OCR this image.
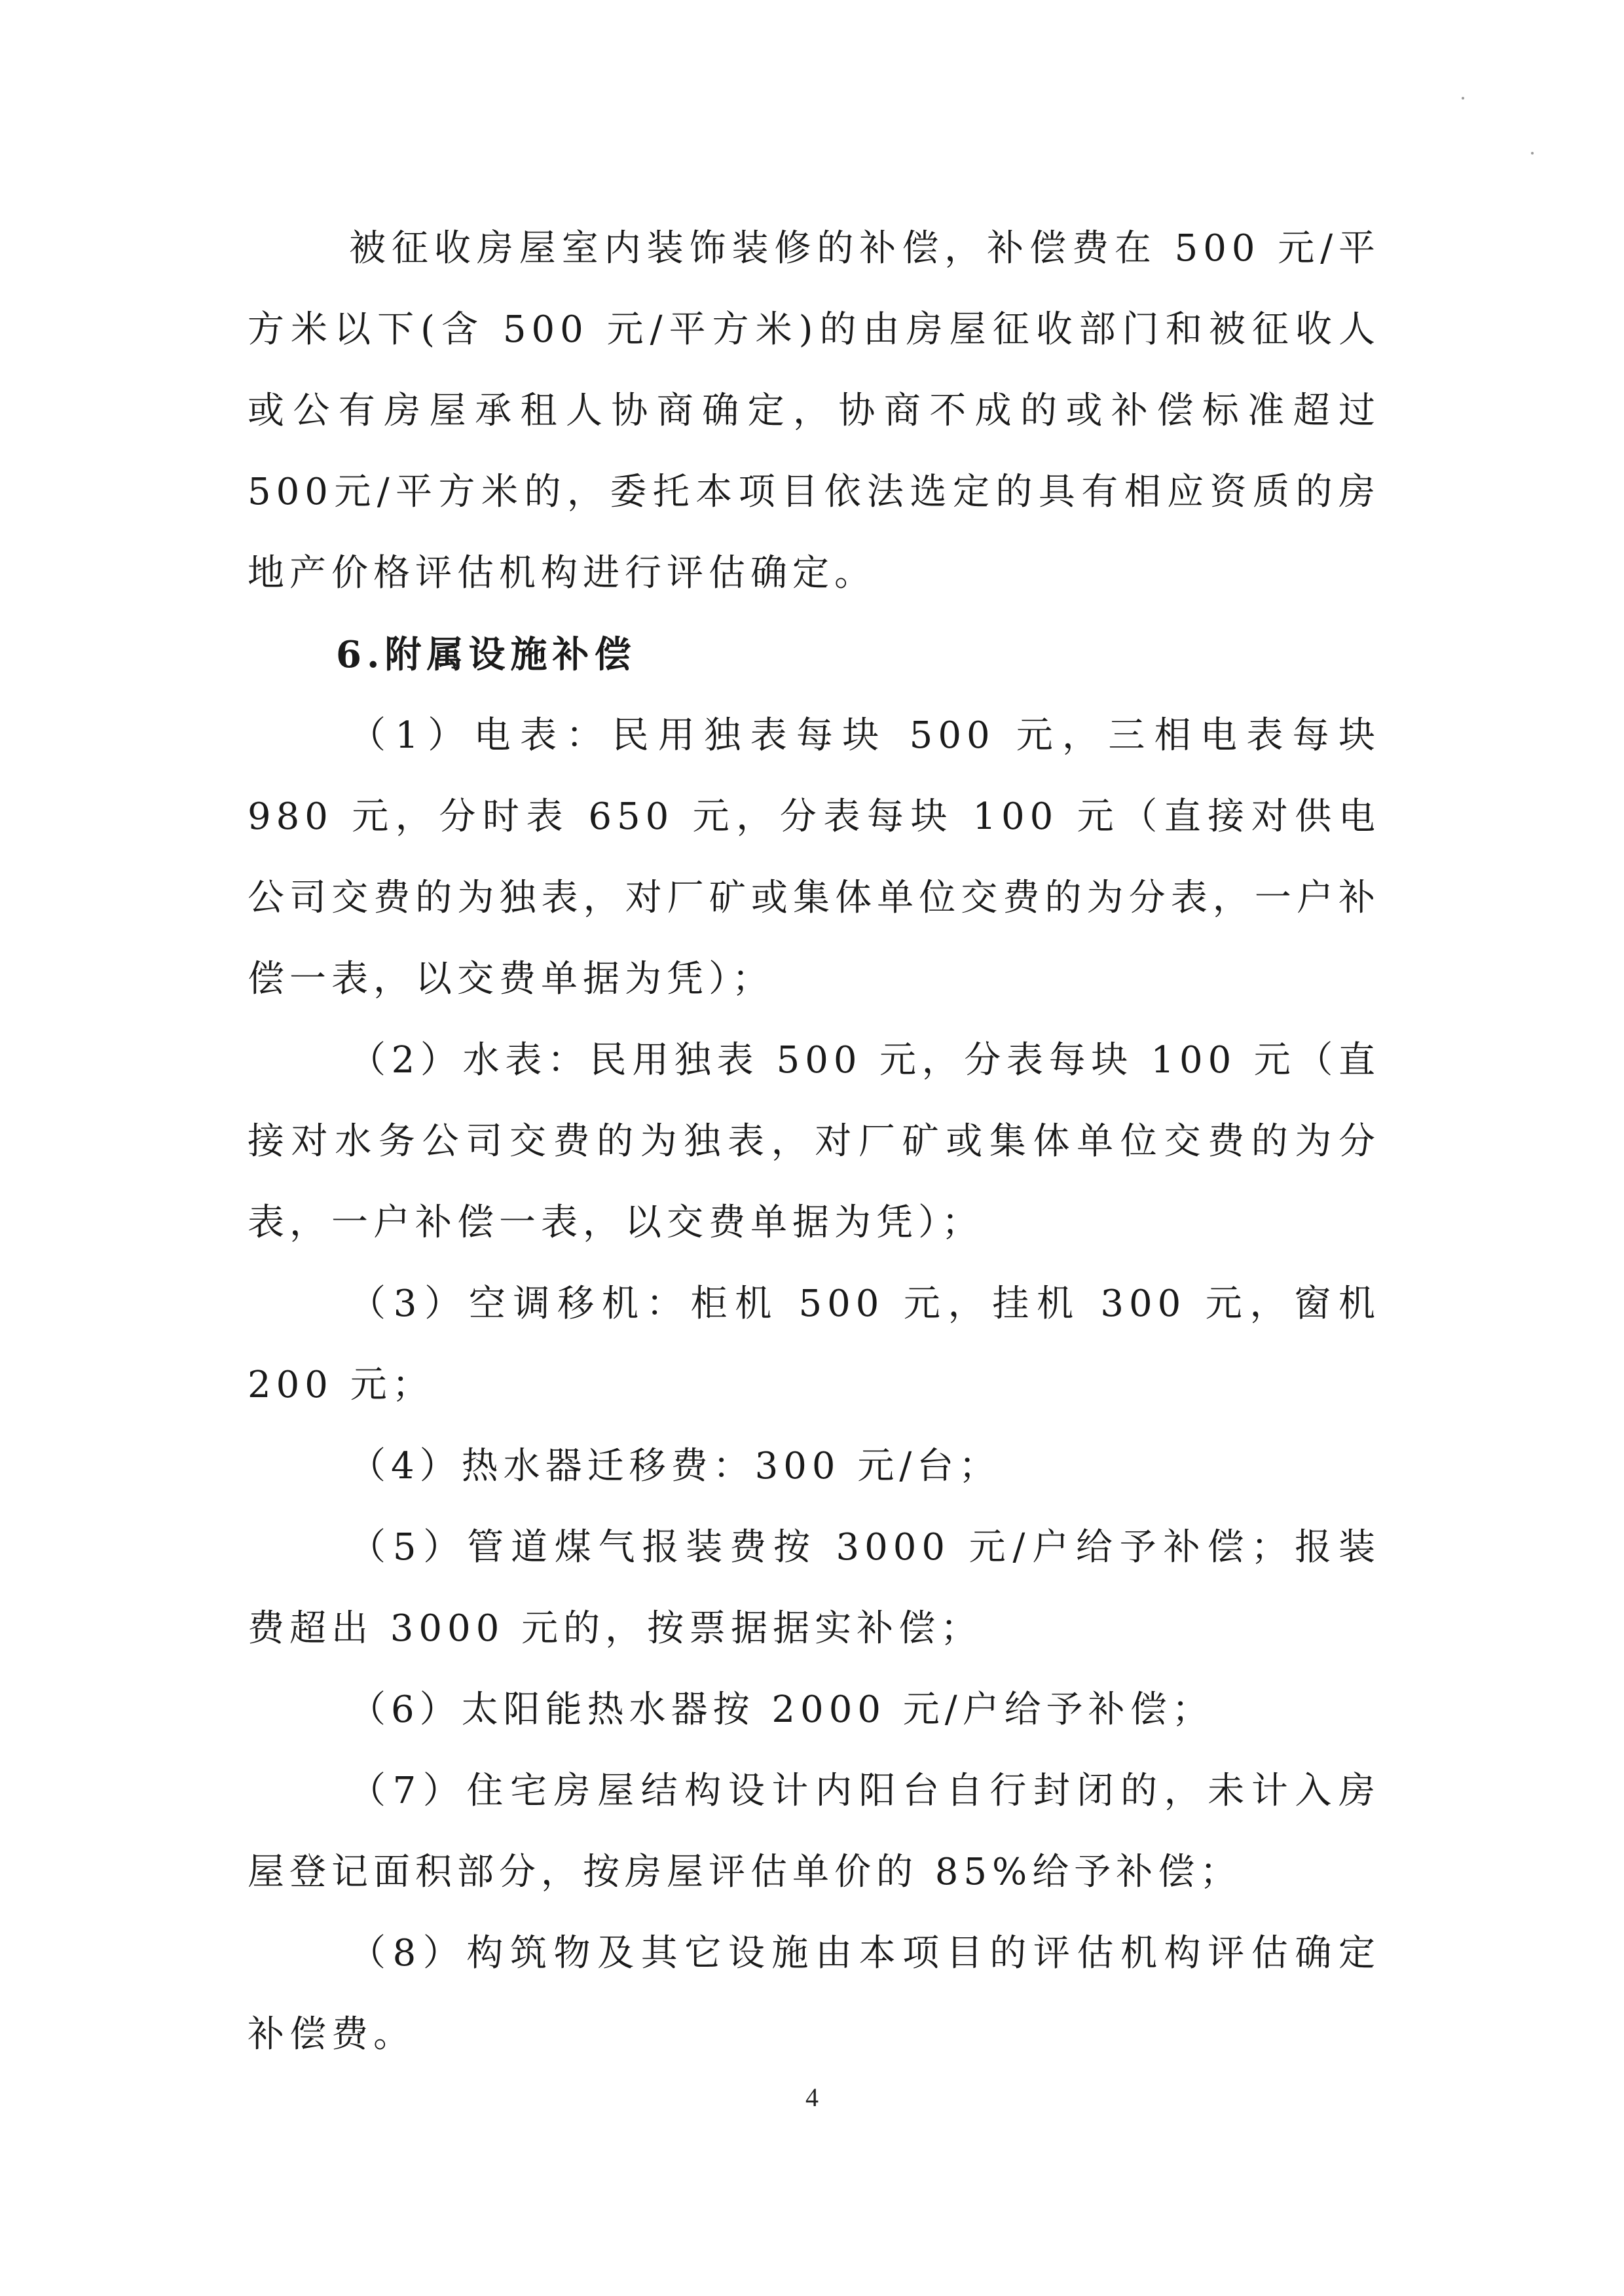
被征收房屋室内装饰装修的补偿，补偿费在 500 元/平方米以下(含 500 元/平方米)的由房屋征收部门和被征收人或公有房屋承租人协商确定，协商不成的或补偿标准超过500元/平方米的，委托本项目依法选定的具有相应资质的房地产价格评估机构进行评估确定。

6.附属设施补偿

（1）电表：民用独表每块 500 元，三相电表每块 980 元，分时表 650 元，分表每块 100 元（直接对供电公司交费的为独表，对厂矿或集体单位交费的为分表，一户补偿一表，以交费单据为凭）；

（2）水表：民用独表 500 元，分表每块 100 元（直接对水务公司交费的为独表，对厂矿或集体单位交费的为分表，一户补偿一表，以交费单据为凭）；

（3）空调移机：柜机 500 元，挂机 300 元，窗机 200 元；

（4）热水器迁移费：300 元/台；

（5）管道煤气报装费按 3000 元/户给予补偿；报装费超出 3000 元的，按票据据实补偿；

（6）太阳能热水器按 2000 元/户给予补偿；

（7）住宅房屋结构设计内阳台自行封闭的，未计入房屋登记面积部分，按房屋评估单价的 85%给予补偿；

（8）构筑物及其它设施由本项目的评估机构评估确定补偿费。

4
